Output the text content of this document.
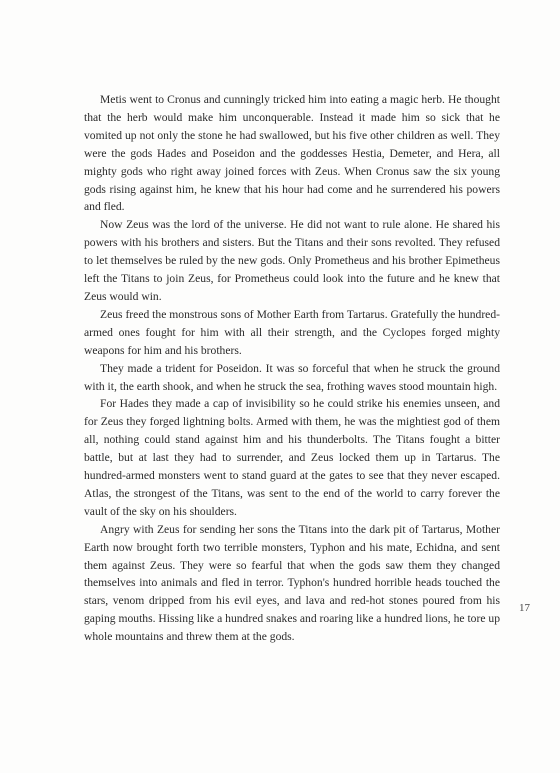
Metis went to Cronus and cunningly tricked him into eating a magic herb. He thought that the herb would make him unconquerable. Instead it made him so sick that he vomited up not only the stone he had swallowed, but his five other children as well. They were the gods Hades and Poseidon and the goddesses Hestia, Demeter, and Hera, all mighty gods who right away joined forces with Zeus. When Cronus saw the six young gods rising against him, he knew that his hour had come and he surrendered his powers and fled.

Now Zeus was the lord of the universe. He did not want to rule alone. He shared his powers with his brothers and sisters. But the Titans and their sons revolted. They refused to let themselves be ruled by the new gods. Only Prometheus and his brother Epimetheus left the Titans to join Zeus, for Prometheus could look into the future and he knew that Zeus would win.

Zeus freed the monstrous sons of Mother Earth from Tartarus. Gratefully the hundred-armed ones fought for him with all their strength, and the Cyclopes forged mighty weapons for him and his brothers.

They made a trident for Poseidon. It was so forceful that when he struck the ground with it, the earth shook, and when he struck the sea, frothing waves stood mountain high.

For Hades they made a cap of invisibility so he could strike his enemies unseen, and for Zeus they forged lightning bolts. Armed with them, he was the mightiest god of them all, nothing could stand against him and his thunderbolts. The Titans fought a bitter battle, but at last they had to surrender, and Zeus locked them up in Tartarus. The hundred-armed monsters went to stand guard at the gates to see that they never escaped. Atlas, the strongest of the Titans, was sent to the end of the world to carry forever the vault of the sky on his shoulders.

Angry with Zeus for sending her sons the Titans into the dark pit of Tartarus, Mother Earth now brought forth two terrible monsters, Typhon and his mate, Echidna, and sent them against Zeus. They were so fearful that when the gods saw them they changed themselves into animals and fled in terror. Typhon's hundred horrible heads touched the stars, venom dripped from his evil eyes, and lava and red-hot stones poured from his gaping mouths. Hissing like a hundred snakes and roaring like a hundred lions, he tore up whole mountains and threw them at the gods.

17
